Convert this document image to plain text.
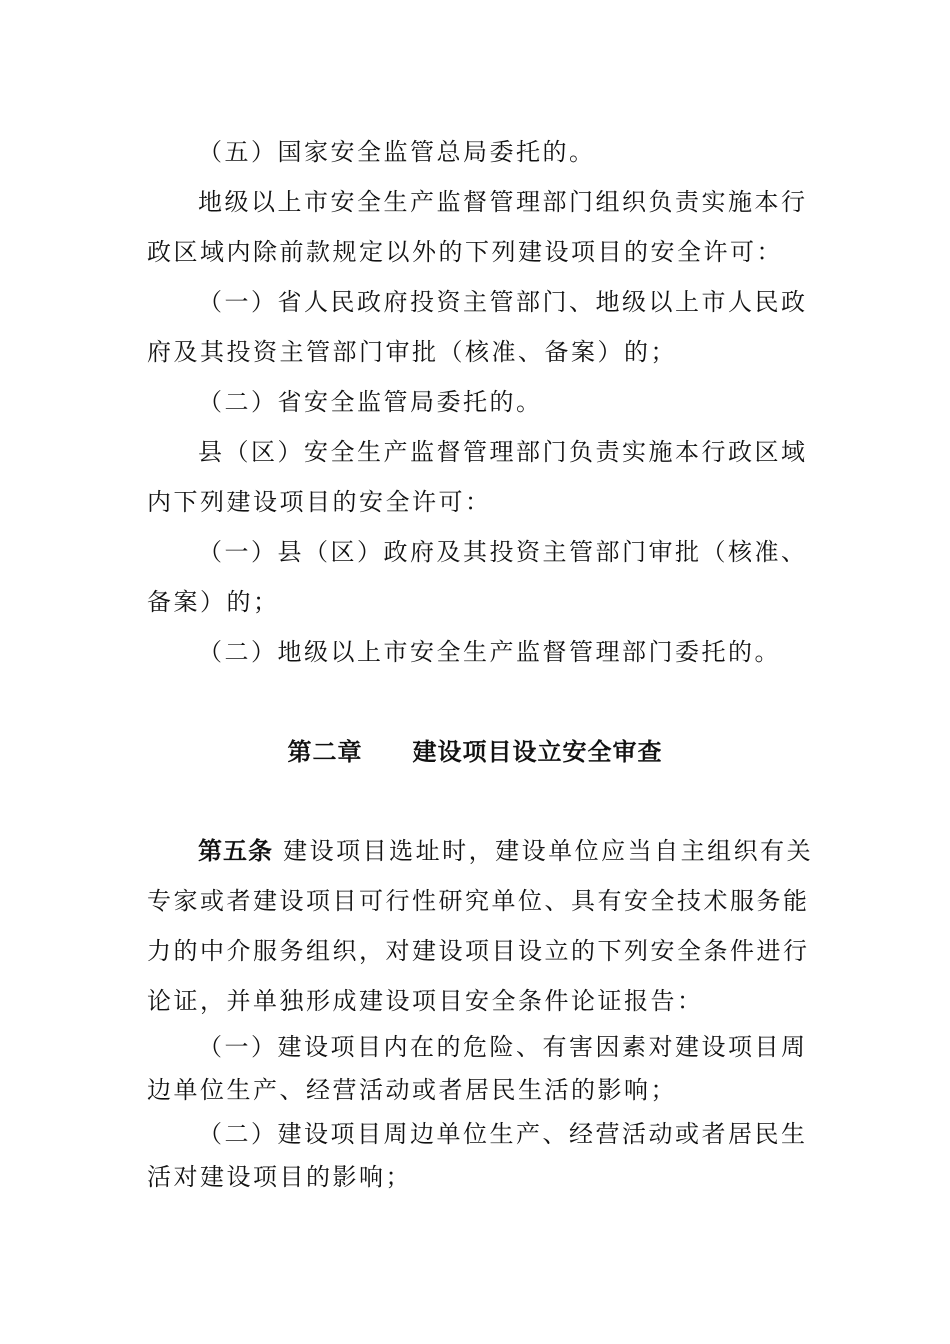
（五）国家安全监管总局委托的。
地级以上市安全生产监督管理部门组织负责实施本行
政区域内除前款规定以外的下列建设项目的安全许可：
（一）省人民政府投资主管部门、地级以上市人民政
府及其投资主管部门审批（核准、备案）的；
（二）省安全监管局委托的。
县（区）安全生产监督管理部门负责实施本行政区域
内下列建设项目的安全许可：
（一）县（区）政府及其投资主管部门审批（核准、
备案）的；
（二）地级以上市安全生产监督管理部门委托的。
第二章　　建设项目设立安全审查
第五条 建设项目选址时，建设单位应当自主组织有关
专家或者建设项目可行性研究单位、具有安全技术服务能
力的中介服务组织，对建设项目设立的下列安全条件进行
论证，并单独形成建设项目安全条件论证报告：
（一）建设项目内在的危险、有害因素对建设项目周
边单位生产、经营活动或者居民生活的影响；
（二）建设项目周边单位生产、经营活动或者居民生
活对建设项目的影响；
